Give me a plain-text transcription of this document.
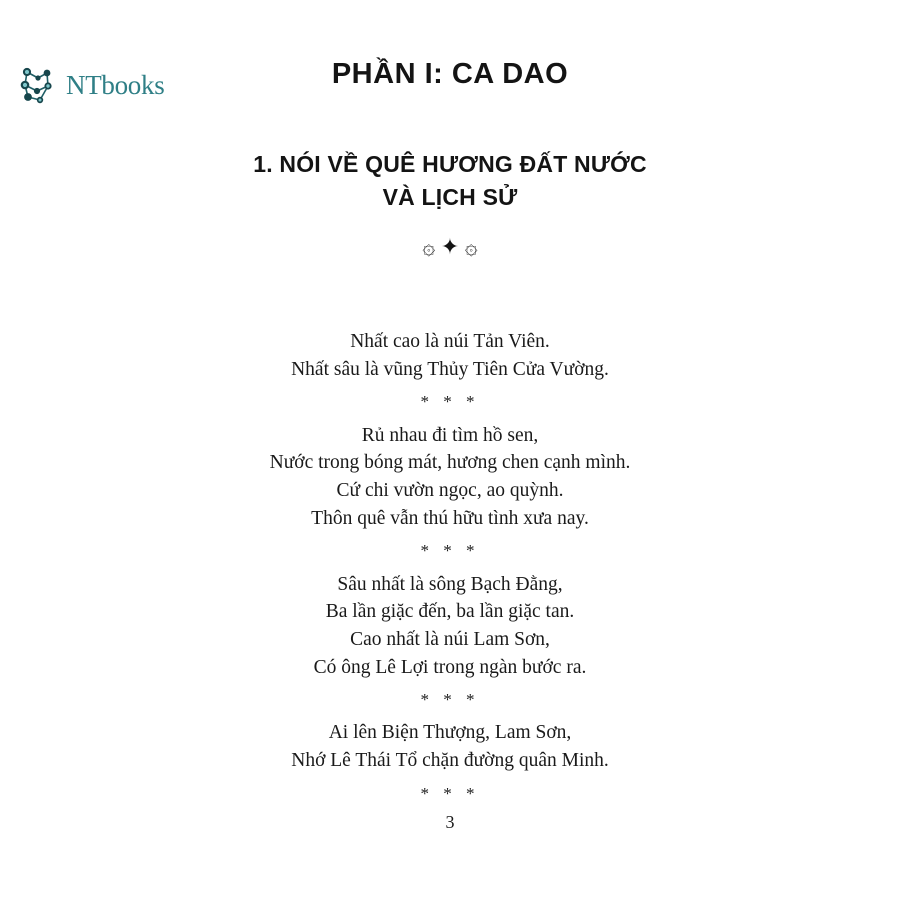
NTbooks	PHẦN I: CA DAO
1. NÓI VỀ QUÊ HƯƠNG ĐẤT NƯỚC
VÀ LỊCH SỬ
۞ ✦ ۞
Nhất cao là núi Tản Viên.
Nhất sâu là vũng Thủy Tiên Cửa Vường.
* * *
Rủ nhau đi tìm hồ sen,
Nước trong bóng mát, hương chen cạnh mình.
Cứ chi vườn ngọc, ao quỳnh.
Thôn quê vẫn thú hữu tình xưa nay.
* * *
Sâu nhất là sông Bạch Đằng,
Ba lần giặc đến, ba lần giặc tan.
Cao nhất là núi Lam Sơn,
Có ông Lê Lợi trong ngàn bước ra.
* * *
Ai lên Biện Thượng, Lam Sơn,
Nhớ Lê Thái Tổ chặn đường quân Minh.
* * *
3
